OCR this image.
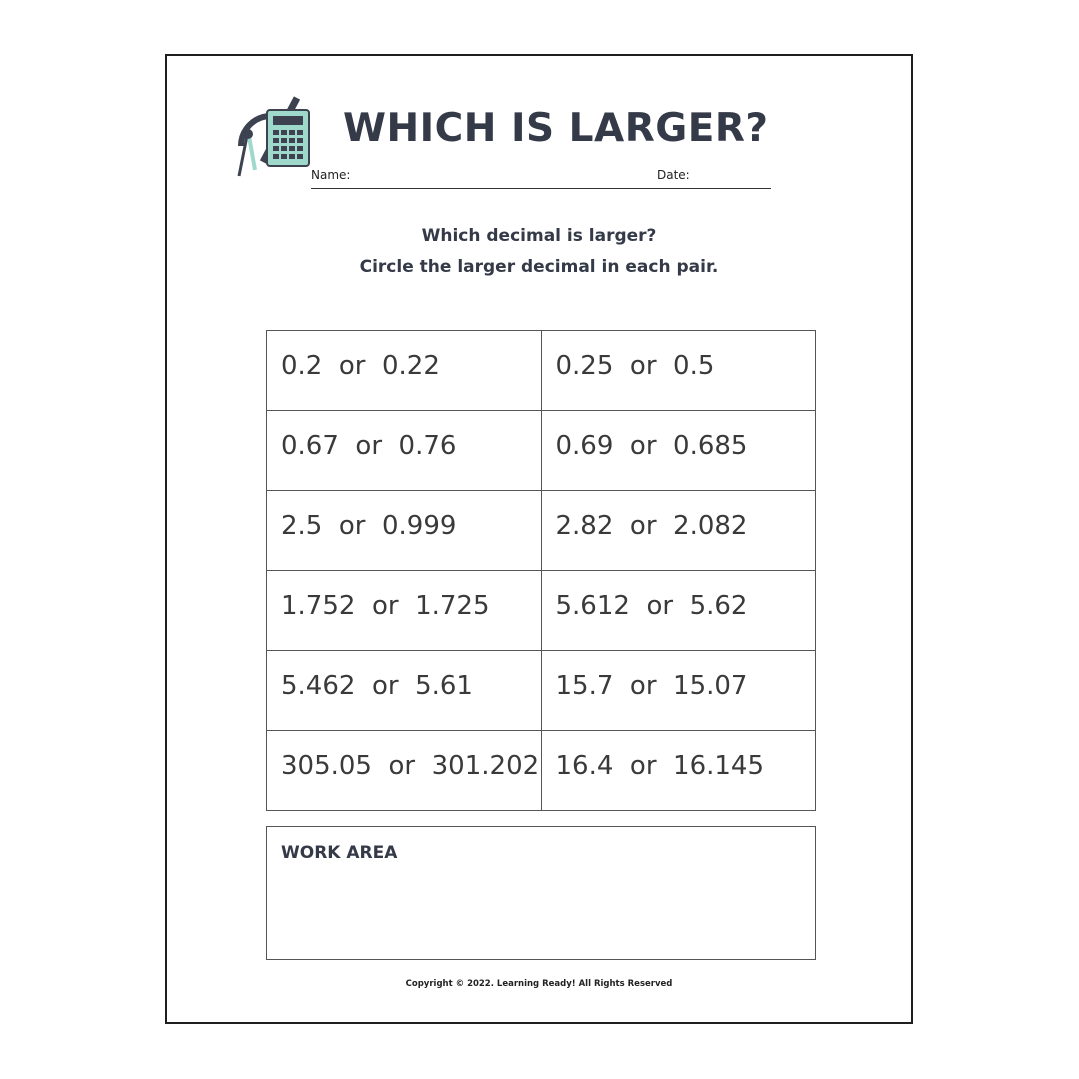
WHICH IS LARGER?
Name:	Date:
Which decimal is larger?
Circle the larger decimal in each pair.
0.2  or  0.22	0.25  or  0.5

0.67  or  0.76	0.69  or  0.685

2.5  or  0.999	2.82  or  2.082

1.752  or  1.725	5.612  or  5.62

5.462  or  5.61	15.7  or  15.07

305.05  or  301.202	16.4  or  16.145
WORK AREA
Copyright © 2022. Learning Ready! All Rights Reserved
